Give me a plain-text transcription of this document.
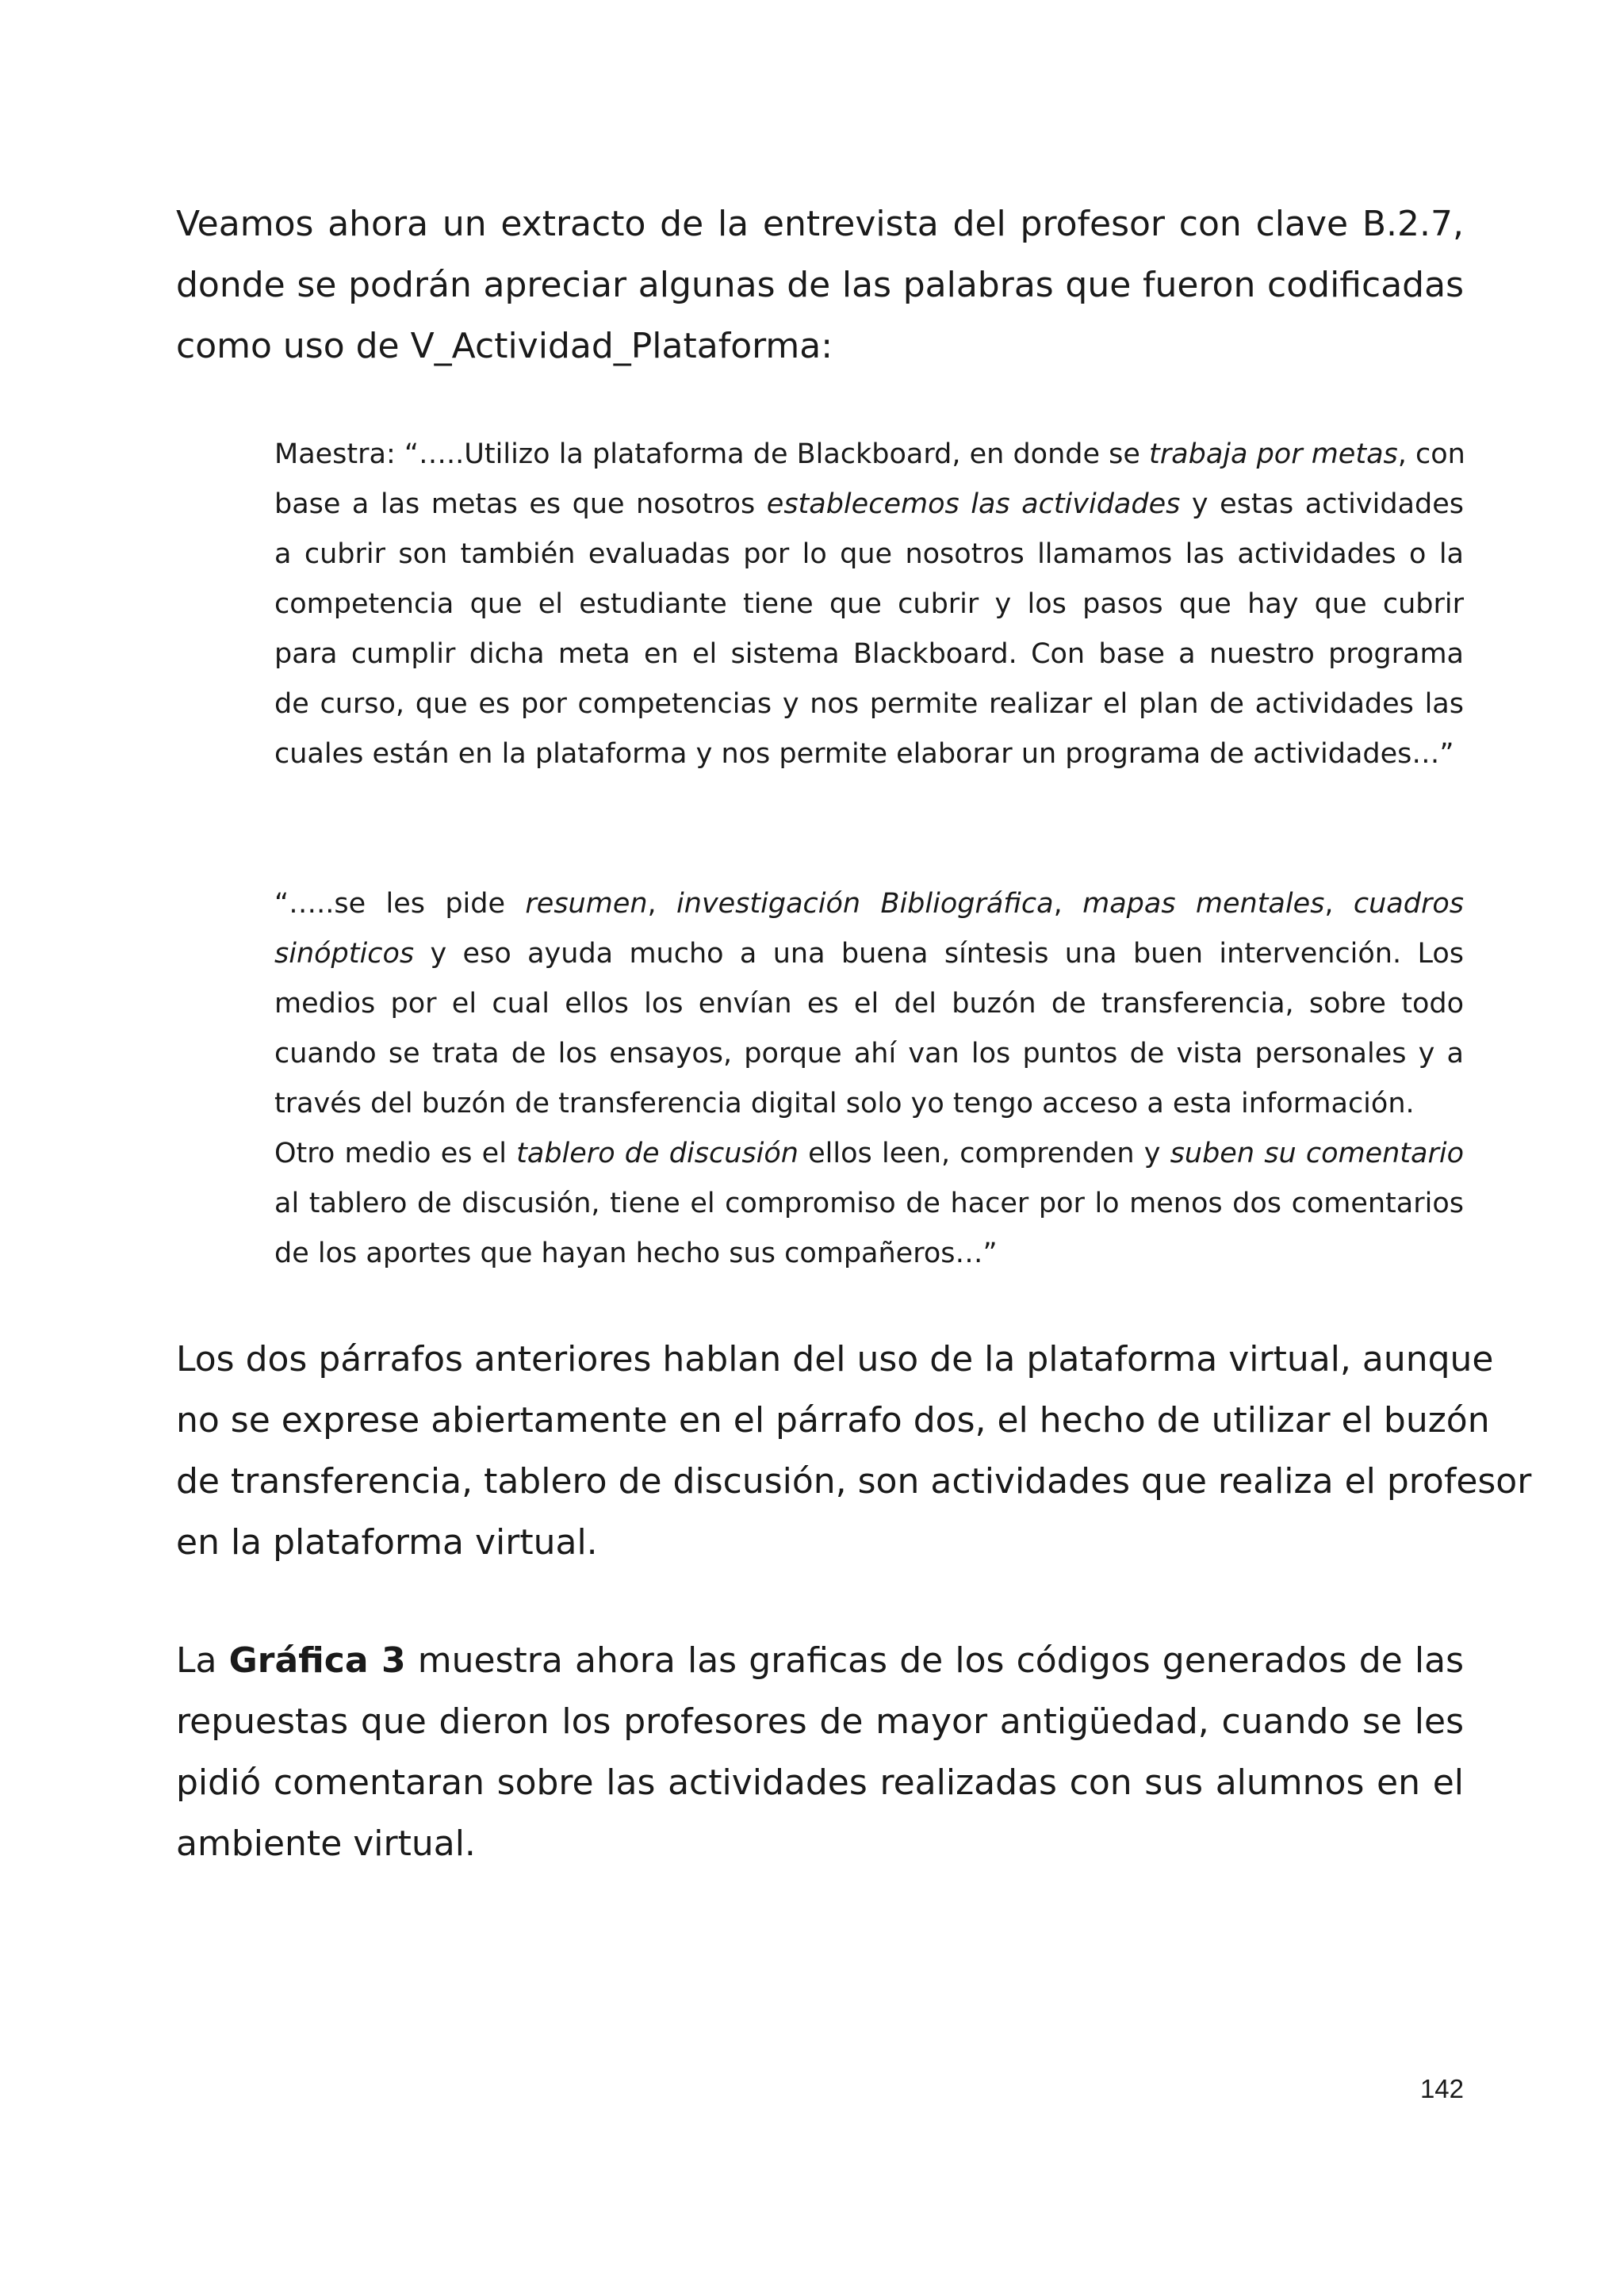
Veamos ahora un extracto de la entrevista del profesor con clave B.2.7,
donde se podrán apreciar algunas de las palabras que fueron codificadas
como uso de V_Actividad_Plataforma:

Maestra: “…..Utilizo la plataforma de Blackboard, en donde se trabaja por metas, con
base a las metas es que nosotros establecemos las actividades y estas actividades
a cubrir son también evaluadas por lo que nosotros llamamos las actividades o la
competencia que el estudiante tiene que cubrir y los pasos que hay que cubrir
para cumplir dicha meta en el sistema Blackboard. Con base a nuestro programa
de curso, que es por competencias y nos permite realizar el plan de actividades las
cuales están en la plataforma y nos permite elaborar un programa de actividades…”

“…..se les pide resumen, investigación Bibliográfica, mapas mentales, cuadros
sinópticos y eso ayuda mucho a una buena síntesis una buen intervención. Los
medios por el cual ellos los envían es el del buzón de transferencia, sobre todo
cuando se trata de los ensayos, porque ahí van los puntos de vista personales y a
través del buzón de transferencia digital solo yo tengo acceso a esta información.
Otro medio es el tablero de discusión ellos leen, comprenden y suben su comentario
al tablero de discusión, tiene el compromiso de hacer por lo menos dos comentarios
de los aportes que hayan hecho sus compañeros…”

Los dos párrafos anteriores hablan del uso de la plataforma virtual, aunque
no se exprese abiertamente en el párrafo dos, el hecho de utilizar el buzón
de transferencia, tablero de discusión, son actividades que realiza el profesor
en la plataforma virtual.

La Gráfica 3 muestra ahora las graficas de los códigos generados de las
repuestas que dieron los profesores de mayor antigüedad, cuando se les
pidió comentaran sobre las actividades realizadas con sus alumnos en el
ambiente virtual.

142
